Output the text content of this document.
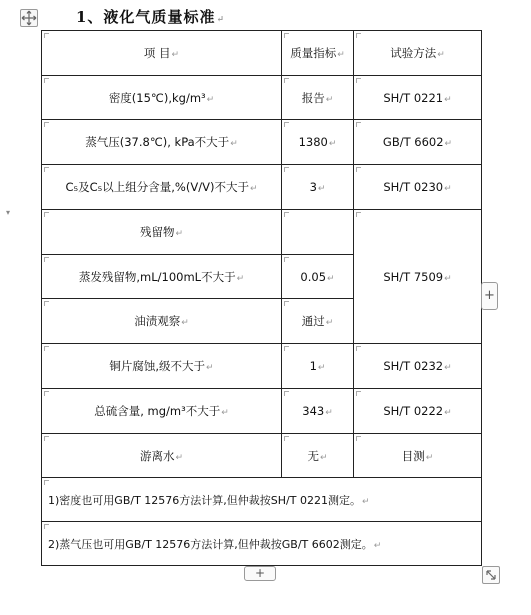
1、液化气质量标准↵
项 目↵	质量指标↵	试验方法↵
密度(15℃),kg/m³↵	报告↵	SH/T 0221↵
蒸气压(37.8℃), kPa不大于↵	1380↵	GB/T 6602↵
C₅及C₅以上组分含量,%(V/V)不大于↵	3↵	SH/T 0230↵
残留物↵		SH/T 7509↵
蒸发残留物,mL/100mL不大于↵	0.05↵	
油渍观察↵	通过↵	
铜片腐蚀,级不大于↵	1↵	SH/T 0232↵
总硫含量, mg/m³不大于↵	343↵	SH/T 0222↵
游离水↵	无↵	目测↵
1)密度也可用GB/T 12576方法计算,但仲裁按SH/T 0221测定。↵		
2)蒸气压也可用GB/T 12576方法计算,但仲裁按GB/T 6602测定。↵		
▾
+
+
